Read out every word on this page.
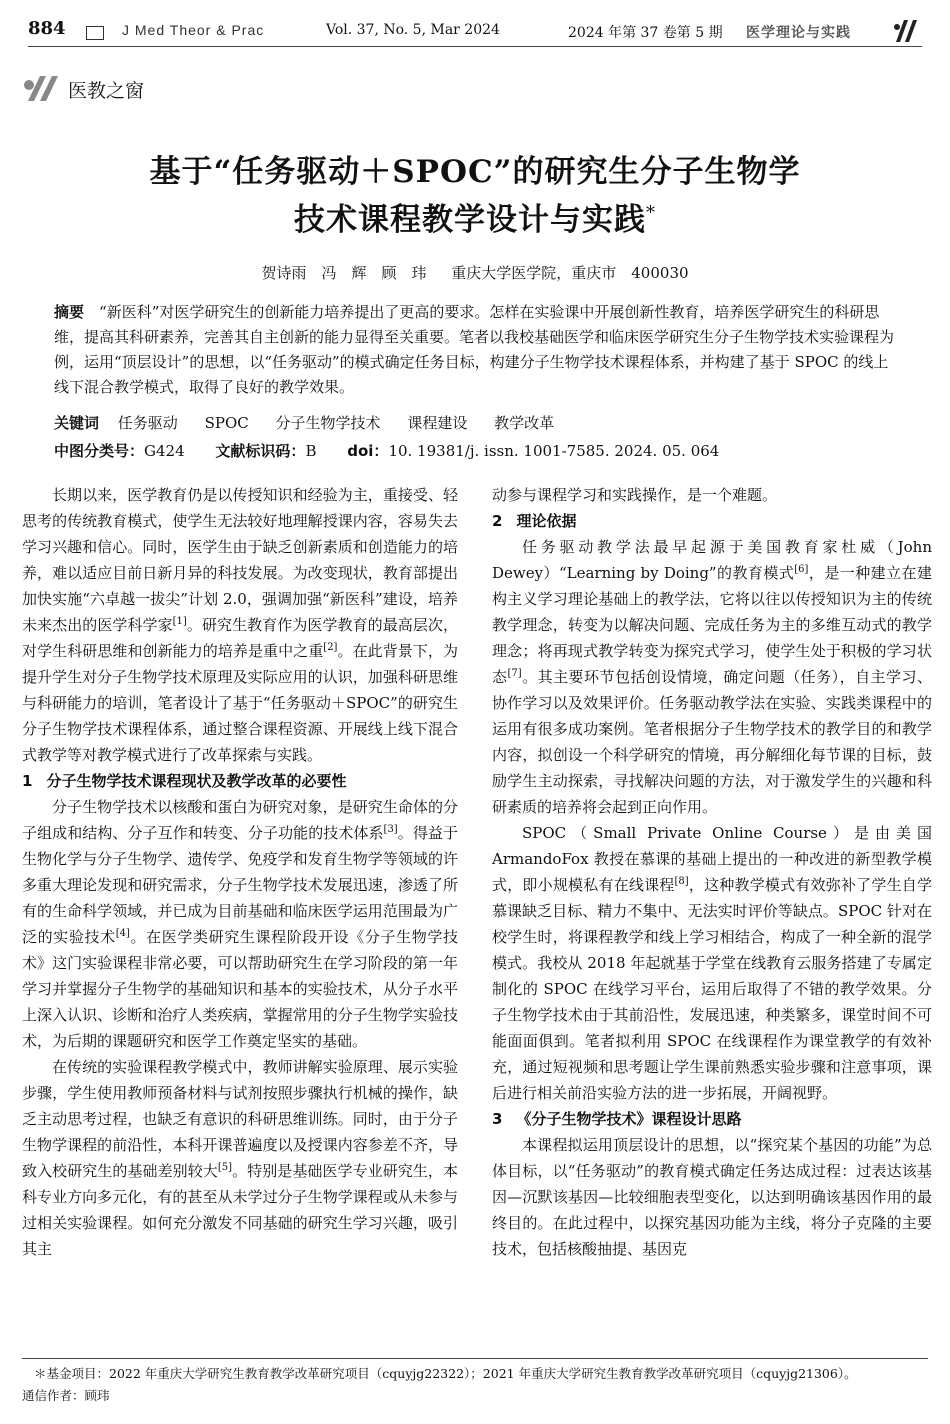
884	J Med Theor & Prac	Vol. 37, No. 5, Mar 2024	2024 年第 37 卷第 5 期 医学理论与实践
医教之窗
基于“任务驱动＋SPOC”的研究生分子生物学
技术课程教学设计与实践*
贺诗雨　冯　辉　顾　玮 重庆大学医学院，重庆市　400030
摘要　 “新医科”对医学研究生的创新能力培养提出了更高的要求。怎样在实验课中开展创新性教育，培养医学研究生的科研思维，提高其科研素养，完善其自主创新的能力显得至关重要。笔者以我校基础医学和临床医学研究生分子生物学技术实验课程为例，运用“顶层设计”的思想，以“任务驱动”的模式确定任务目标，构建分子生物学技术课程体系，并构建了基于 SPOC 的线上线下混合教学模式，取得了良好的教学效果。
关键词 任务驱动 SPOC 分子生物学技术 课程建设 教学改革
中图分类号：G424 文献标识码：B doi：10. 19381/j. issn. 1001-7585. 2024. 05. 064

长期以来，医学教育仍是以传授知识和经验为主，重接受、轻思考的传统教育模式，使学生无法较好地理解授课内容，容易失去学习兴趣和信心。同时，医学生由于缺乏创新素质和创造能力的培养，难以适应目前日新月异的科技发展。为改变现状，教育部提出加快实施“六卓越一拔尖”计划 2.0，强调加强“新医科”建设，培养未来杰出的医学科学家[1]。研究生教育作为医学教育的最高层次，对学生科研思维和创新能力的培养是重中之重[2]。在此背景下，为提升学生对分子生物学技术原理及实际应用的认识，加强科研思维与科研能力的培训，笔者设计了基于“任务驱动＋SPOC”的研究生分子生物学技术课程体系，通过整合课程资源、开展线上线下混合式教学等对教学模式进行了改革探索与实践。

1 分子生物学技术课程现状及教学改革的必要性

分子生物学技术以核酸和蛋白为研究对象，是研究生命体的分子组成和结构、分子互作和转变、分子功能的技术体系[3]。得益于生物化学与分子生物学、遗传学、免疫学和发育生物学等领域的许多重大理论发现和研究需求，分子生物学技术发展迅速，渗透了所有的生命科学领域，并已成为目前基础和临床医学运用范围最为广泛的实验技术[4]。在医学类研究生课程阶段开设《分子生物学技术》这门实验课程非常必要，可以帮助研究生在学习阶段的第一年学习并掌握分子生物学的基础知识和基本的实验技术，从分子水平上深入认识、诊断和治疗人类疾病，掌握常用的分子生物学实验技术，为后期的课题研究和医学工作奠定坚实的基础。

在传统的实验课程教学模式中，教师讲解实验原理、展示实验步骤，学生使用教师预备材料与试剂按照步骤执行机械的操作，缺乏主动思考过程，也缺乏有意识的科研思维训练。同时，由于分子生物学课程的前沿性，本科开课普遍度以及授课内容参差不齐，导致入校研究生的基础差别较大[5]。特别是基础医学专业研究生，本科专业方向多元化，有的甚至从未学过分子生物学课程或从未参与过相关实验课程。如何充分激发不同基础的研究生学习兴趣，吸引其主

动参与课程学习和实践操作，是一个难题。

2 理论依据

任务驱动教学法最早起源于美国教育家杜威（John Dewey）“Learning by Doing”的教育模式[6]，是一种建立在建构主义学习理论基础上的教学法，它将以往以传授知识为主的传统教学理念，转变为以解决问题、完成任务为主的多维互动式的教学理念；将再现式教学转变为探究式学习，使学生处于积极的学习状态[7]。其主要环节包括创设情境，确定问题（任务），自主学习、协作学习以及效果评价。任务驱动教学法在实验、实践类课程中的运用有很多成功案例。笔者根据分子生物学技术的教学目的和教学内容，拟创设一个科学研究的情境，再分解细化每节课的目标，鼓励学生主动探索，寻找解决问题的方法，对于激发学生的兴趣和科研素质的培养将会起到正向作用。

SPOC（Small Private Online Course）是由美国 ArmandoFox 教授在慕课的基础上提出的一种改进的新型教学模式，即小规模私有在线课程[8]，这种教学模式有效弥补了学生自学慕课缺乏目标、精力不集中、无法实时评价等缺点。SPOC 针对在校学生时，将课程教学和线上学习相结合，构成了一种全新的混学模式。我校从 2018 年起就基于学堂在线教育云服务搭建了专属定制化的 SPOC 在线学习平台，运用后取得了不错的教学效果。分子生物学技术由于其前沿性，发展迅速，种类繁多，课堂时间不可能面面俱到。笔者拟利用 SPOC 在线课程作为课堂教学的有效补充，通过短视频和思考题让学生课前熟悉实验步骤和注意事项，课后进行相关前沿实验方法的进一步拓展，开阔视野。

3 《分子生物学技术》课程设计思路

本课程拟运用顶层设计的思想，以“探究某个基因的功能”为总体目标，以“任务驱动”的教育模式确定任务达成过程：过表达该基因—沉默该基因—比较细胞表型变化，以达到明确该基因作用的最终目的。在此过程中，以探究基因功能为主线，将分子克隆的主要技术，包括核酸抽提、基因克

＊基金项目：2022 年重庆大学研究生教育教学改革研究项目（cquyjg22322）；2021 年重庆大学研究生教育教学改革研究项目（cquyjg21306）。
通信作者：顾玮
